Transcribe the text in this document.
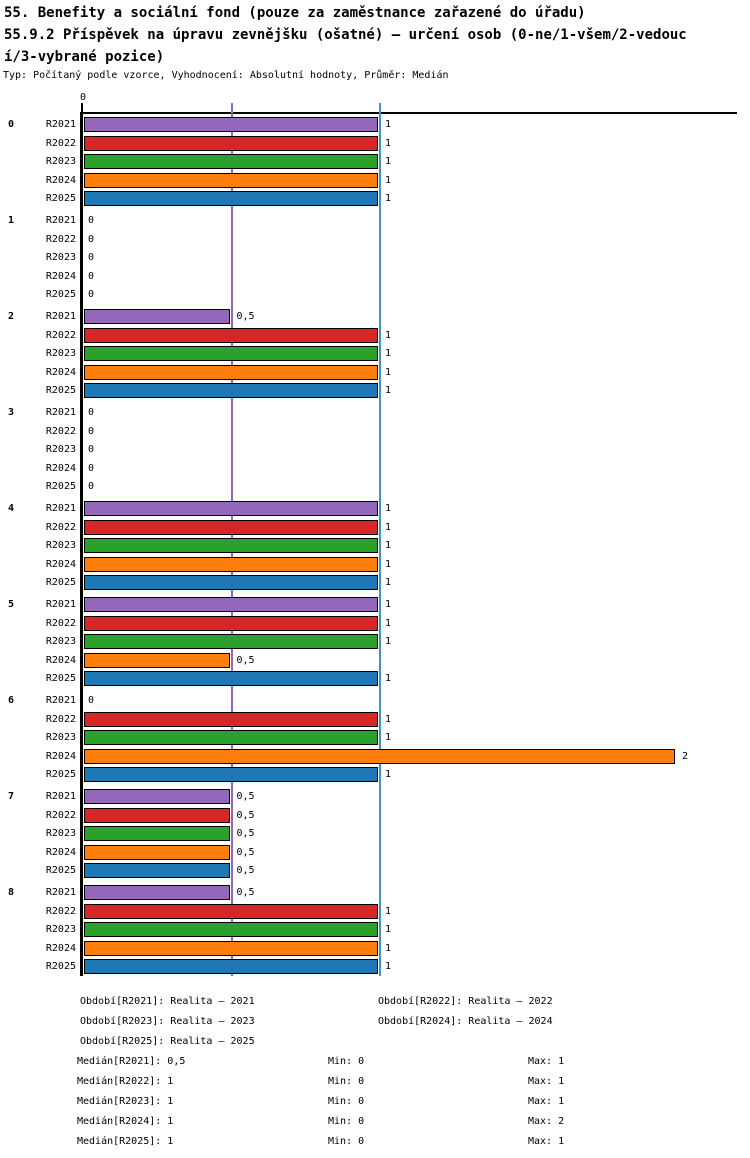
55. Benefity a sociální fond (pouze za zaměstnance zařazené do úřadu)
55.9.2 Příspěvek na úpravu zevnějšku (ošatné) – určení osob (0-ne/1-všem/2-vedouc
í/3-vybrané pozice)
Typ: Počítaný podle vzorce, Vyhodnocení: Absolutní hodnoty, Průměr: Medián
0
0	R2021	1
R2022	1
R2023	1
R2024	1
R2025	1
1	R2021 0
R2022 0
R2023 0
R2024 0
R2025 0
2	R2021	0,5
R2022	1
R2023	1
R2024	1
R2025	1
3	R2021 0
R2022 0
R2023 0
R2024 0
R2025 0
4	R2021	1
R2022	1
R2023	1
R2024	1
R2025	1
5	R2021	1
R2022	1
R2023	1
R2024	0,5
R2025	1
6	R2021 0
R2022	1
R2023	1
R2024	2
R2025	1
7	R2021	0,5
R2022	0,5
R2023	0,5
R2024	0,5
R2025	0,5
8	R2021	0,5
R2022	1
R2023	1
R2024	1
R2025	1
Období[R2021]: Realita – 2021	Období[R2022]: Realita – 2022
Období[R2023]: Realita – 2023	Období[R2024]: Realita – 2024
Období[R2025]: Realita – 2025
Medián[R2021]: 0,5	Min: 0	Max: 1
Medián[R2022]: 1	Min: 0	Max: 1
Medián[R2023]: 1	Min: 0	Max: 1
Medián[R2024]: 1	Min: 0	Max: 2
Medián[R2025]: 1	Min: 0	Max: 1
